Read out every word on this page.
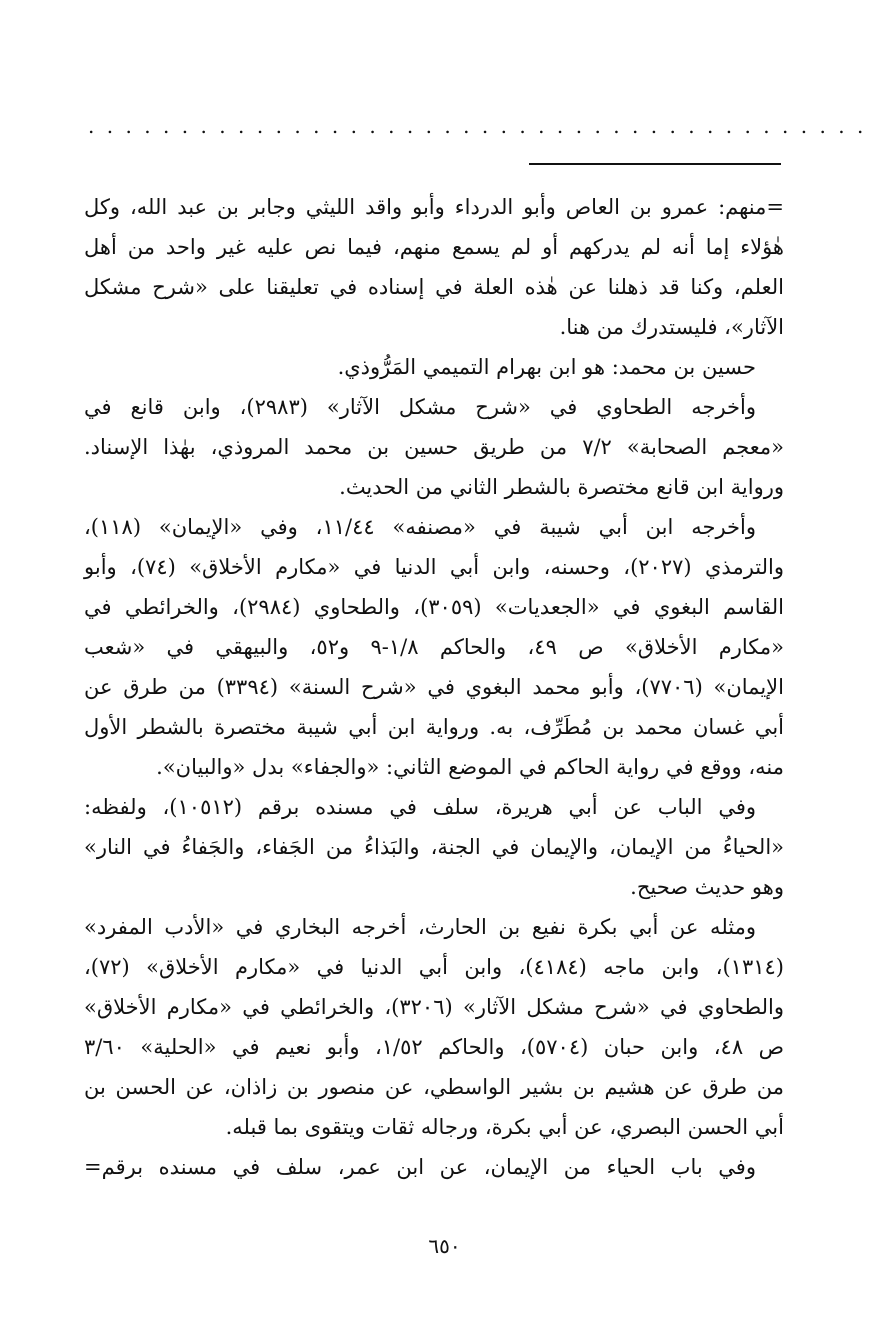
..........................................
=منهم: عمرو بن العاص وأبو الدرداء وأبو واقد الليثي وجابر بن عبد الله، وكل
هٰؤلاء إما أنه لم يدركهم أو لم يسمع منهم، فيما نص عليه غير واحد من أهل
العلم، وكنا قد ذهلنا عن هٰذه العلة في إسناده في تعليقنا على «شرح مشكل
الآثار»، فليستدرك من هنا.
حسين بن محمد: هو ابن بهرام التميمي المَرُّوذي.
وأخرجه الطحاوي في «شرح مشكل الآثار» (٢٩٨٣)، وابن قانع في
«معجم الصحابة» ٧/٢ من طريق حسين بن محمد المروذي، بهٰذا الإسناد.
ورواية ابن قانع مختصرة بالشطر الثاني من الحديث.
وأخرجه ابن أبي شيبة في «مصنفه» ١١/٤٤، وفي «الإيمان» (١١٨)،
والترمذي (٢٠٢٧)، وحسنه، وابن أبي الدنيا في «مكارم الأخلاق» (٧٤)، وأبو
القاسم البغوي في «الجعديات» (٣٠٥٩)، والطحاوي (٢٩٨٤)، والخرائطي في
«مكارم الأخلاق» ص ٤٩، والحاكم ١/٨-٩ و٥٢، والبيهقي في «شعب
الإيمان» (٧٧٠٦)، وأبو محمد البغوي في «شرح السنة» (٣٣٩٤) من طرق عن
أبي غسان محمد بن مُطَرِّف، به. ورواية ابن أبي شيبة مختصرة بالشطر الأول
منه، ووقع في رواية الحاكم في الموضع الثاني: «والجفاء» بدل «والبيان».
وفي الباب عن أبي هريرة، سلف في مسنده برقم (١٠٥١٢)، ولفظه:
«الحياءُ من الإيمان، والإيمان في الجنة، والبَذاءُ من الجَفاء، والجَفاءُ في النار»
وهو حديث صحيح.
ومثله عن أبي بكرة نفيع بن الحارث، أخرجه البخاري في «الأدب المفرد»
(١٣١٤)، وابن ماجه (٤١٨٤)، وابن أبي الدنيا في «مكارم الأخلاق» (٧٢)،
والطحاوي في «شرح مشكل الآثار» (٣٢٠٦)، والخرائطي في «مكارم الأخلاق»
ص ٤٨، وابن حبان (٥٧٠٤)، والحاكم ١/٥٢، وأبو نعيم في «الحلية» ٣/٦٠
من طرق عن هشيم بن بشير الواسطي، عن منصور بن زاذان، عن الحسن بن
أبي الحسن البصري، عن أبي بكرة، ورجاله ثقات ويتقوى بما قبله.
وفي باب الحياء من الإيمان، عن ابن عمر، سلف في مسنده برقم=
٦٥٠
